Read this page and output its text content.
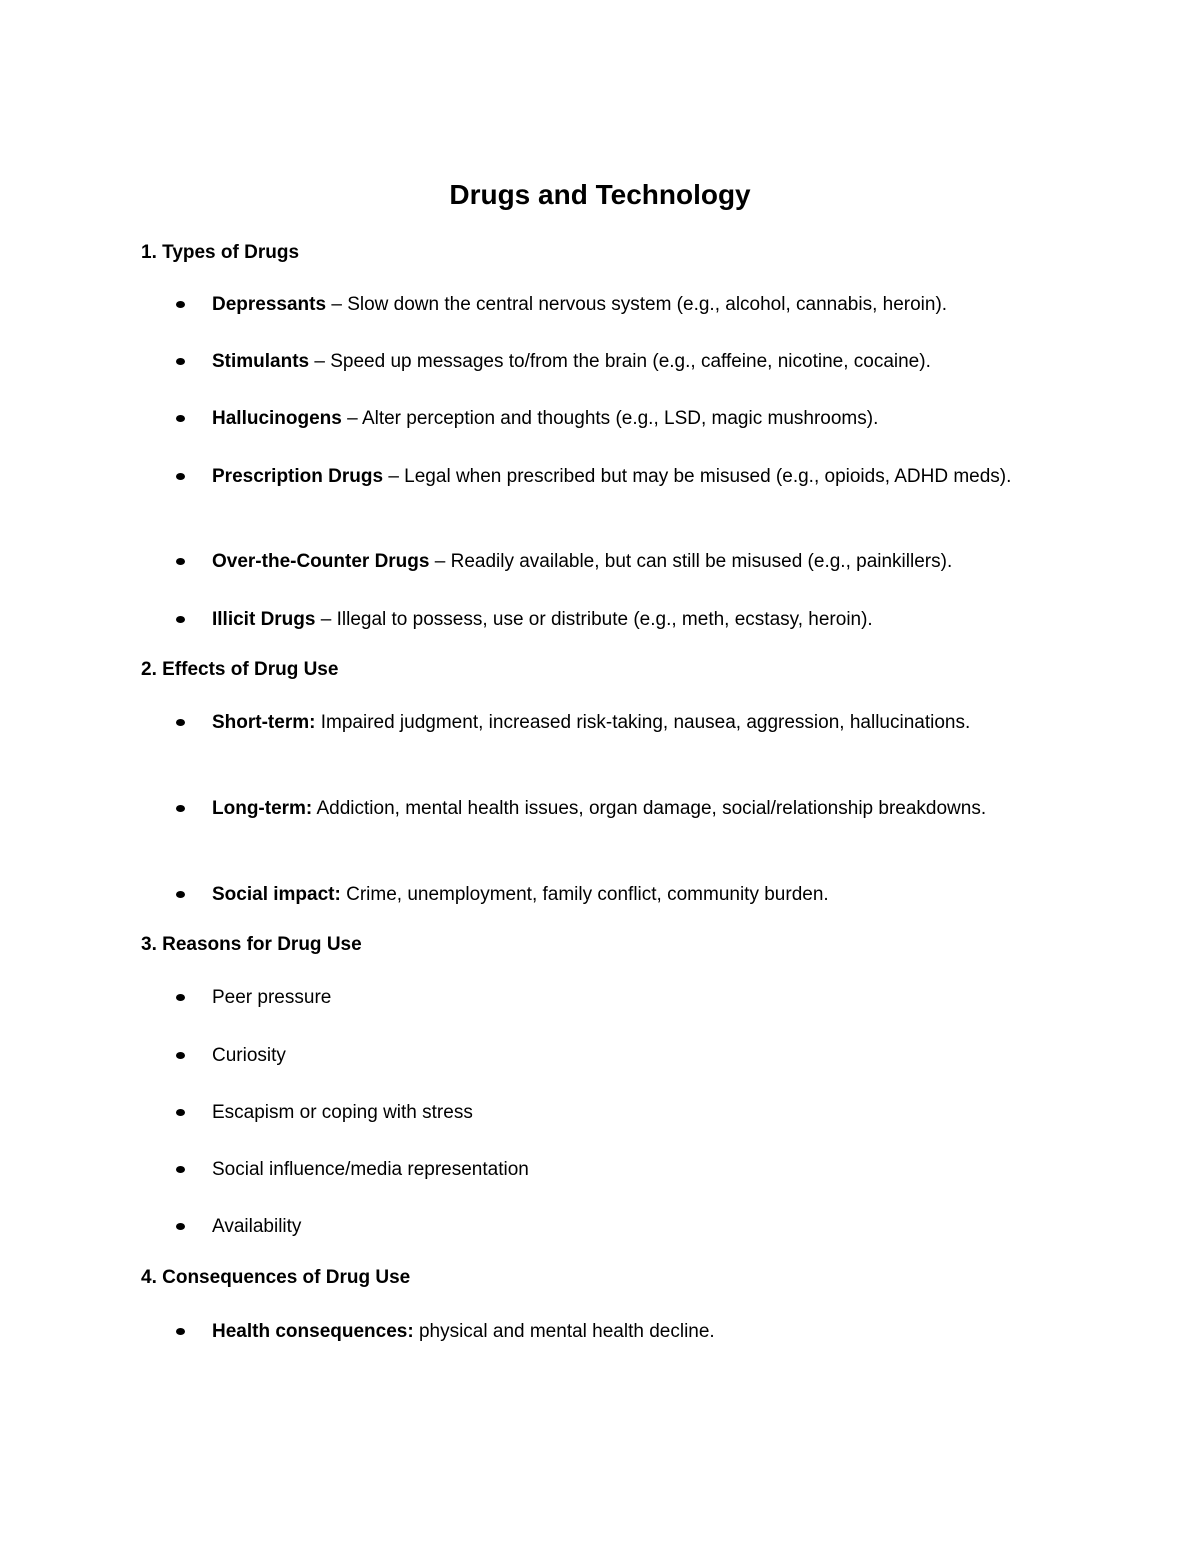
Drugs and Technology
1. Types of Drugs
Depressants – Slow down the central nervous system (e.g., alcohol, cannabis, heroin).
Stimulants – Speed up messages to/from the brain (e.g., caffeine, nicotine, cocaine).
Hallucinogens – Alter perception and thoughts (e.g., LSD, magic mushrooms).
Prescription Drugs – Legal when prescribed but may be misused (e.g., opioids, ADHD meds).
Over-the-Counter Drugs – Readily available, but can still be misused (e.g., painkillers).
Illicit Drugs – Illegal to possess, use or distribute (e.g., meth, ecstasy, heroin).
2. Effects of Drug Use
Short-term: Impaired judgment, increased risk-taking, nausea, aggression, hallucinations.
Long-term: Addiction, mental health issues, organ damage, social/relationship breakdowns.
Social impact: Crime, unemployment, family conflict, community burden.
3. Reasons for Drug Use
Peer pressure
Curiosity
Escapism or coping with stress
Social influence/media representation
Availability
4. Consequences of Drug Use
Health consequences: physical and mental health decline.
